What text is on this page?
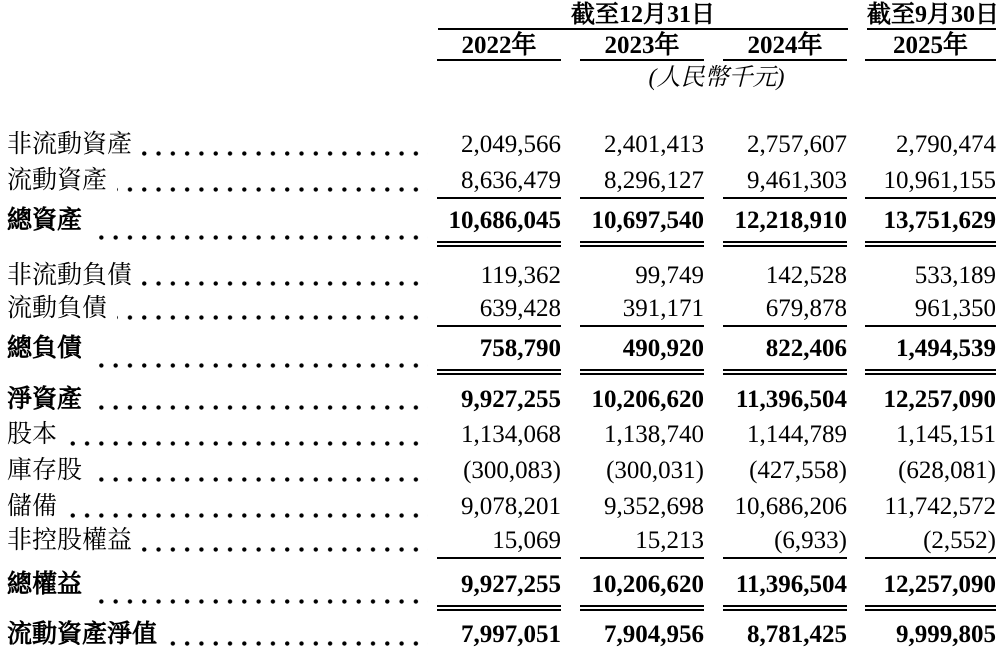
截至12月31日	截至9月30日
2022年	2023年	2024年	2025年
(人民幣千元)
非流動資產	2,049,566	2,401,413	2,757,607	2,790,474
流動資產	8,636,479	8,296,127	9,461,303	10,961,155
總資產	10,686,045	10,697,540	12,218,910	13,751,629
非流動負債	119,362	99,749	142,528	533,189
流動負債	639,428	391,171	679,878	961,350
總負債	758,790	490,920	822,406	1,494,539
淨資產	9,927,255	10,206,620	11,396,504	12,257,090
股本	1,134,068	1,138,740	1,144,789	1,145,151
庫存股	(300,083)	(300,031)	(427,558)	(628,081)
儲備	9,078,201	9,352,698	10,686,206	11,742,572
非控股權益	15,069	15,213	(6,933)	(2,552)
總權益	9,927,255	10,206,620	11,396,504	12,257,090
流動資產淨值	7,997,051	7,904,956	8,781,425	9,999,805
